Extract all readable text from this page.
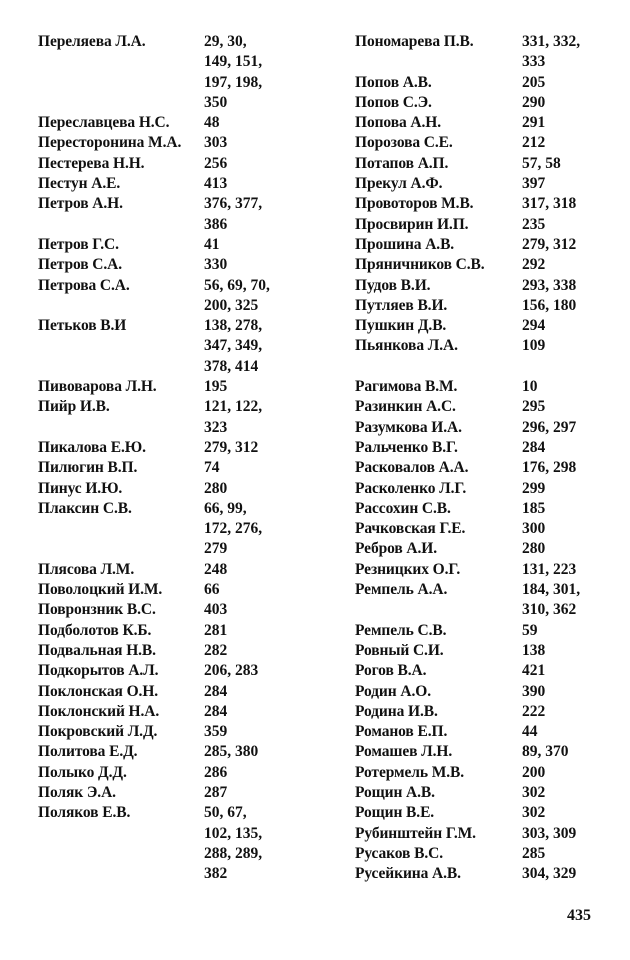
Переляева Л.А.	29, 30,
149, 151,
197, 198,
350
Переславцева Н.С.	48
Пересторонина М.А.	303
Пестерева Н.Н.	256
Пестун А.Е.	413
Петров А.Н.	376, 377,
386
Петров Г.С.	41
Петров С.А.	330
Петрова С.А.	56, 69, 70,
200, 325
Петьков В.И	138, 278,
347, 349,
378, 414
Пивоварова Л.Н.	195
Пийр И.В.	121, 122,
323
Пикалова Е.Ю.	279, 312
Пилюгин В.П.	74
Пинус И.Ю.	280
Плаксин С.В.	66, 99,
172, 276,
279
Плясова Л.М.	248
Поволоцкий И.М.	66
Повронзник В.С.	403
Подболотов К.Б.	281
Подвальная Н.В.	282
Подкорытов А.Л.	206, 283
Поклонская О.Н.	284
Поклонский Н.А.	284
Покровский Л.Д.	359
Политова Е.Д.	285, 380
Полыко Д.Д.	286
Поляк Э.А.	287
Поляков Е.В.	50, 67,
102, 135,
288, 289,
382
Пономарева П.В.	331, 332,
333
Попов А.В.	205
Попов С.Э.	290
Попова А.Н.	291
Порозова С.Е.	212
Потапов А.П.	57, 58
Прекул А.Ф.	397
Провоторов М.В.	317, 318
Просвирин И.П.	235
Прошина А.В.	279, 312
Пряничников С.В.	292
Пудов В.И.	293, 338
Путляев В.И.	156, 180
Пушкин Д.В.	294
Пьянкова Л.А.	109

Рагимова В.М.	10
Разинкин А.С.	295
Разумкова И.А.	296, 297
Ральченко В.Г.	284
Расковалов А.А.	176, 298
Расколенко Л.Г.	299
Рассохин С.В.	185
Рачковская Г.Е.	300
Ребров А.И.	280
Резницких О.Г.	131, 223
Ремпель А.А.	184, 301,
310, 362
Ремпель С.В.	59
Ровный С.И.	138
Рогов В.А.	421
Родин А.О.	390
Родина И.В.	222
Романов Е.П.	44
Ромашев Л.Н.	89, 370
Ротермель М.В.	200
Рощин А.В.	302
Рощин В.Е.	302
Рубинштейн Г.М.	303, 309
Русаков В.С.	285
Русейкина А.В.	304, 329
435
